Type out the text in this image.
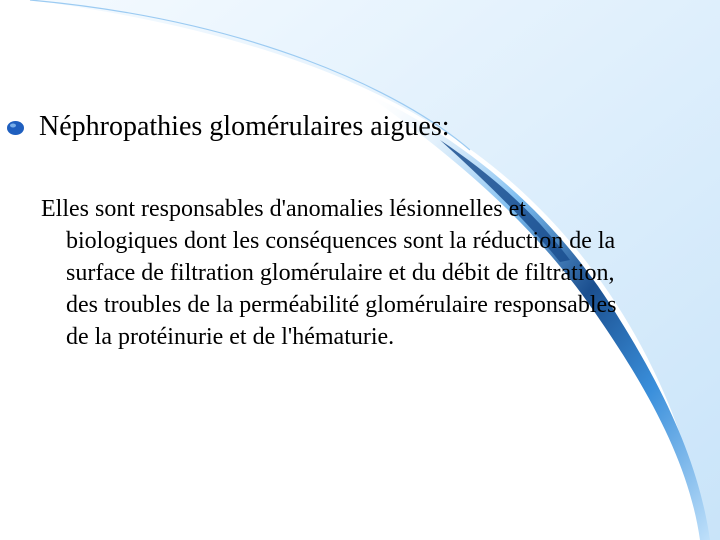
Néphropathies glomérulaires aigues:

Elles sont responsables d'anomalies lésionnelles et
biologiques dont les conséquences sont la réduction de la
surface de filtration glomérulaire et du débit de filtration,
des troubles de la perméabilité glomérulaire responsables
de la protéinurie et de l'hématurie.
